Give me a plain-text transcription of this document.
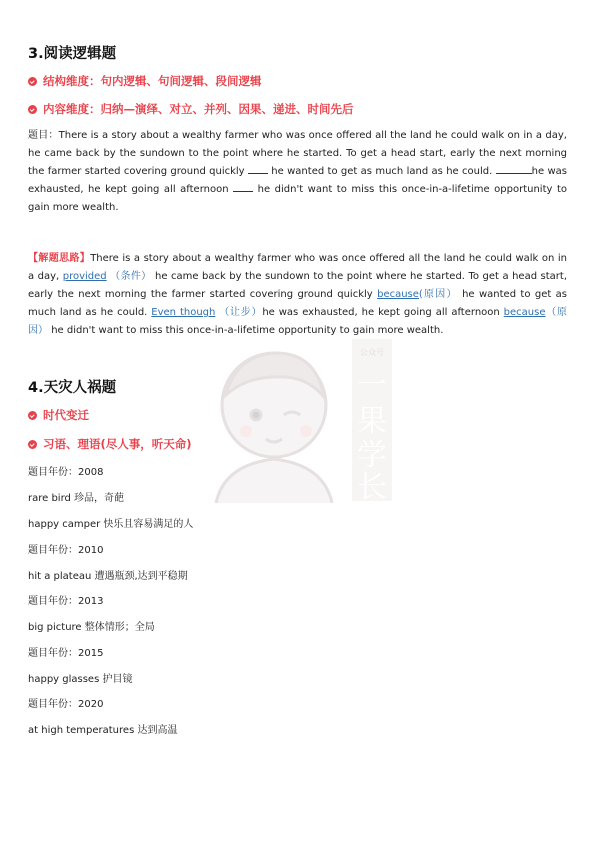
公众号
一
果
学
长
3.阅读逻辑题
结构维度：句内逻辑、句间逻辑、段间逻辑
内容维度：归纳—演绎、对立、并列、因果、递进、时间先后
题目：There is a story about a wealthy farmer who was once offered all the land he could walk on in a day, he came back by the sundown to the point where he started. To get a head start, early the next morning the farmer started covering ground quickly	he wanted to get as much land as he could.	he was exhausted, he kept going all afternoon	he didn't want to miss this once-in-a-lifetime opportunity to gain more wealth.
【解题思路】There is a story about a wealthy farmer who was once offered all the land he could walk on in a day, provided （条件） he came back by the sundown to the point where he started. To get a head start, early the next morning the farmer started covering ground quickly because(原因） he wanted to get as much land as he could. Even though （让步）he was exhausted, he kept going all afternoon because（原因） he didn't want to miss this once-in-a-lifetime opportunity to gain more wealth.
4.天灾人祸题
时代变迁
习语、理语(尽人事，听天命)
题目年份：2008
rare bird 珍品，奇葩
happy camper 快乐且容易满足的人
题目年份：2010
hit a plateau 遭遇瓶颈,达到平稳期
题目年份：2013
big picture 整体情形；全局
题目年份：2015
happy glasses 护目镜
题目年份：2020
at high temperatures 达到高温
